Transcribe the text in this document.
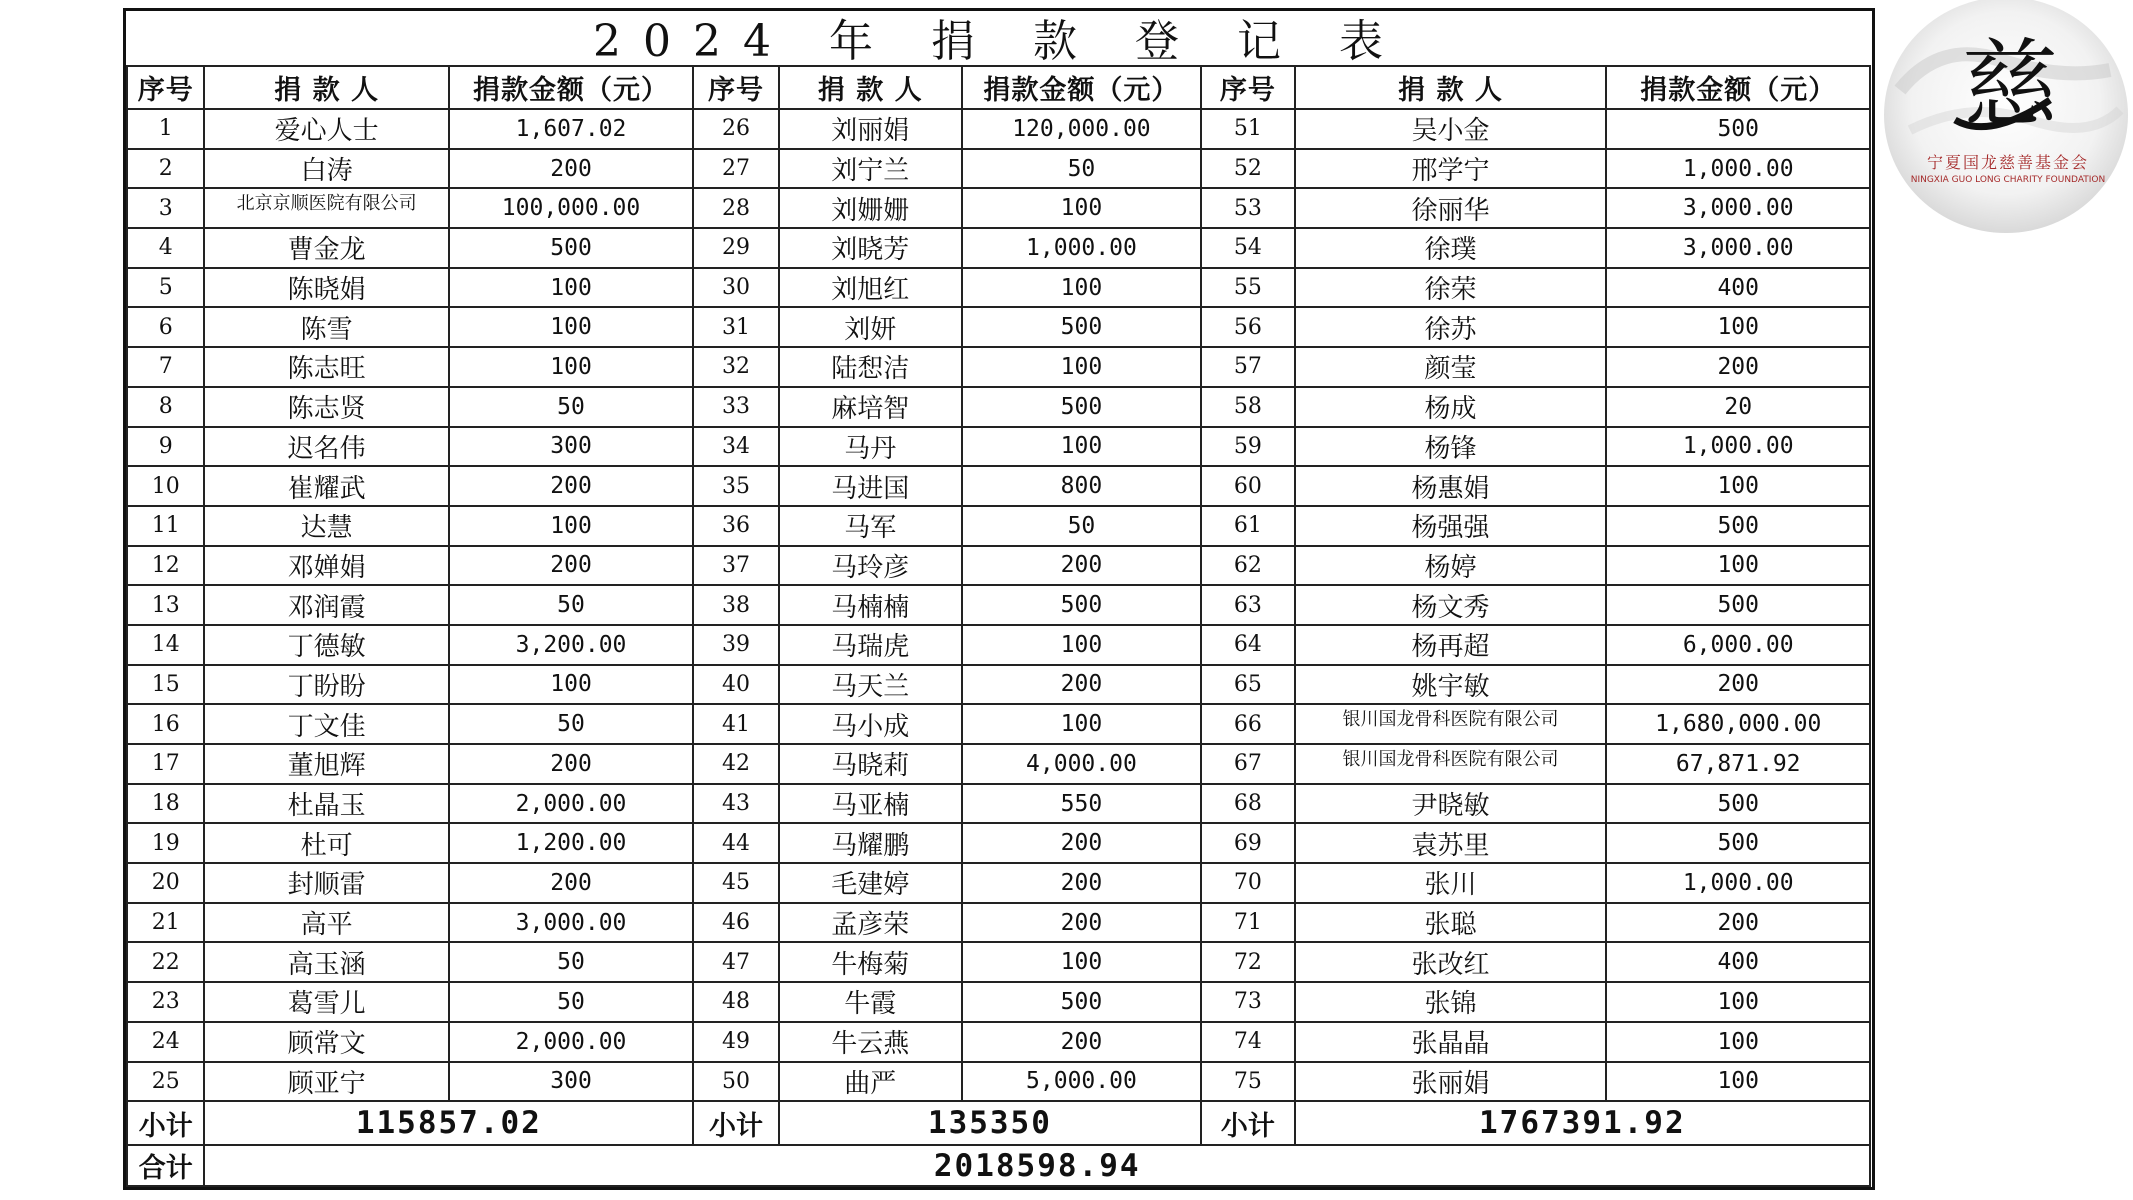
2024 年 捐 款 登 记 表
序号	捐 款 人	捐款金额（元）	序号	捐 款 人	捐款金额（元）	序号	捐 款 人	捐款金额（元）
1	爱心人士	1,607.02	26	刘丽娟	120,000.00	51	吴小金	500
2	白涛	200	27	刘宁兰	50	52	邢学宁	1,000.00
3	北京京顺医院有限公司	100,000.00	28	刘姗姗	100	53	徐丽华	3,000.00
4	曹金龙	500	29	刘晓芳	1,000.00	54	徐璞	3,000.00
5	陈晓娟	100	30	刘旭红	100	55	徐荣	400
6	陈雪	100	31	刘妍	500	56	徐苏	100
7	陈志旺	100	32	陆惒洁	100	57	颜莹	200
8	陈志贤	50	33	麻培智	500	58	杨成	20
9	迟名伟	300	34	马丹	100	59	杨锋	1,000.00
10	崔耀武	200	35	马进国	800	60	杨惠娟	100
11	达慧	100	36	马军	50	61	杨强强	500
12	邓婵娟	200	37	马玲彦	200	62	杨婷	100
13	邓润霞	50	38	马楠楠	500	63	杨文秀	500
14	丁德敏	3,200.00	39	马瑞虎	100	64	杨再超	6,000.00
15	丁盼盼	100	40	马天兰	200	65	姚宇敏	200
16	丁文佳	50	41	马小成	100	66	银川国龙骨科医院有限公司	1,680,000.00
17	董旭辉	200	42	马晓莉	4,000.00	67	银川国龙骨科医院有限公司	67,871.92
18	杜晶玉	2,000.00	43	马亚楠	550	68	尹晓敏	500
19	杜可	1,200.00	44	马耀鹏	200	69	袁苏里	500
20	封顺雷	200	45	毛建婷	200	70	张川	1,000.00
21	高平	3,000.00	46	孟彦荣	200	71	张聪	200
22	高玉涵	50	47	牛梅菊	100	72	张改红	400
23	葛雪儿	50	48	牛霞	500	73	张锦	100
24	顾常文	2,000.00	49	牛云燕	200	74	张晶晶	100
25	顾亚宁	300	50	曲严	5,000.00	75	张丽娟	100
小计	115857.02		小计	135350		小计	1767391.92	
合计	2018598.94							
慈
宁夏国龙慈善基金会
NINGXIA GUO LONG CHARITY FOUNDATION
